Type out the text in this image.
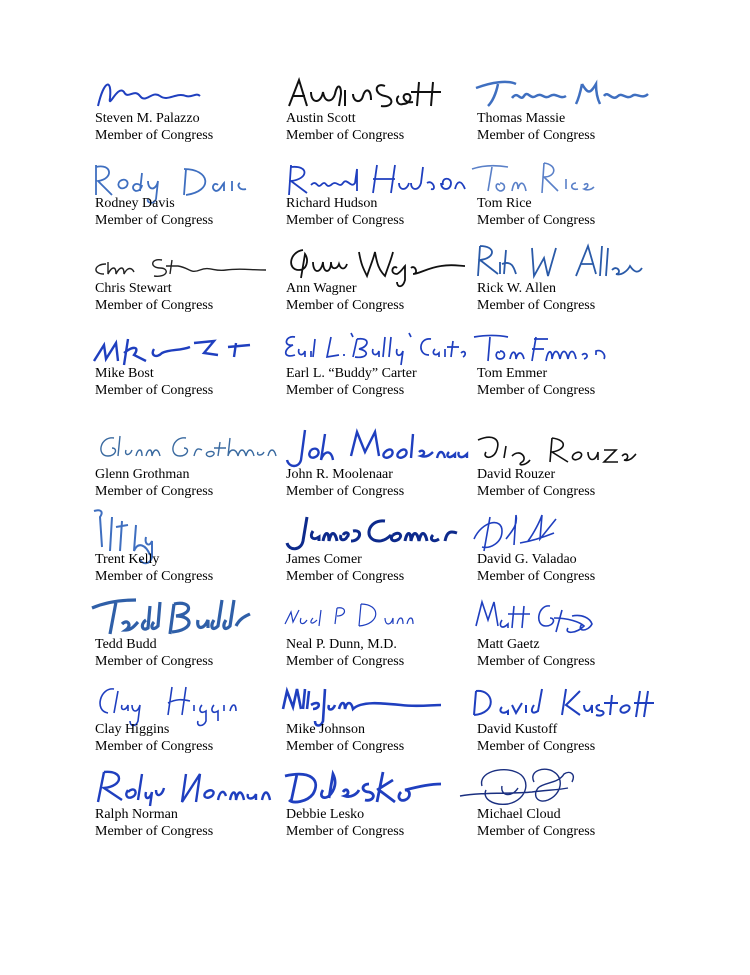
Steven M. Palazzo
Member of Congress
Austin Scott
Member of Congress
Thomas Massie
Member of Congress
Rodney Davis
Member of Congress
Richard Hudson
Member of Congress
Tom Rice
Member of Congress
Chris Stewart
Member of Congress
Ann Wagner
Member of Congress
Rick W. Allen
Member of Congress
Mike Bost
Member of Congress
Earl L. “Buddy” Carter
Member of Congress
Tom Emmer
Member of Congress
Glenn Grothman
Member of Congress
John R. Moolenaar
Member of Congress
David Rouzer
Member of Congress
Trent Kelly
Member of Congress
James Comer
Member of Congress
David G. Valadao
Member of Congress
Tedd Budd
Member of Congress
Neal P. Dunn, M.D.
Member of Congress
Matt Gaetz
Member of Congress
Clay Higgins
Member of Congress
Mike Johnson
Member of Congress
David Kustoff
Member of Congress
Ralph Norman
Member of Congress
Debbie Lesko
Member of Congress
Michael Cloud
Member of Congress
